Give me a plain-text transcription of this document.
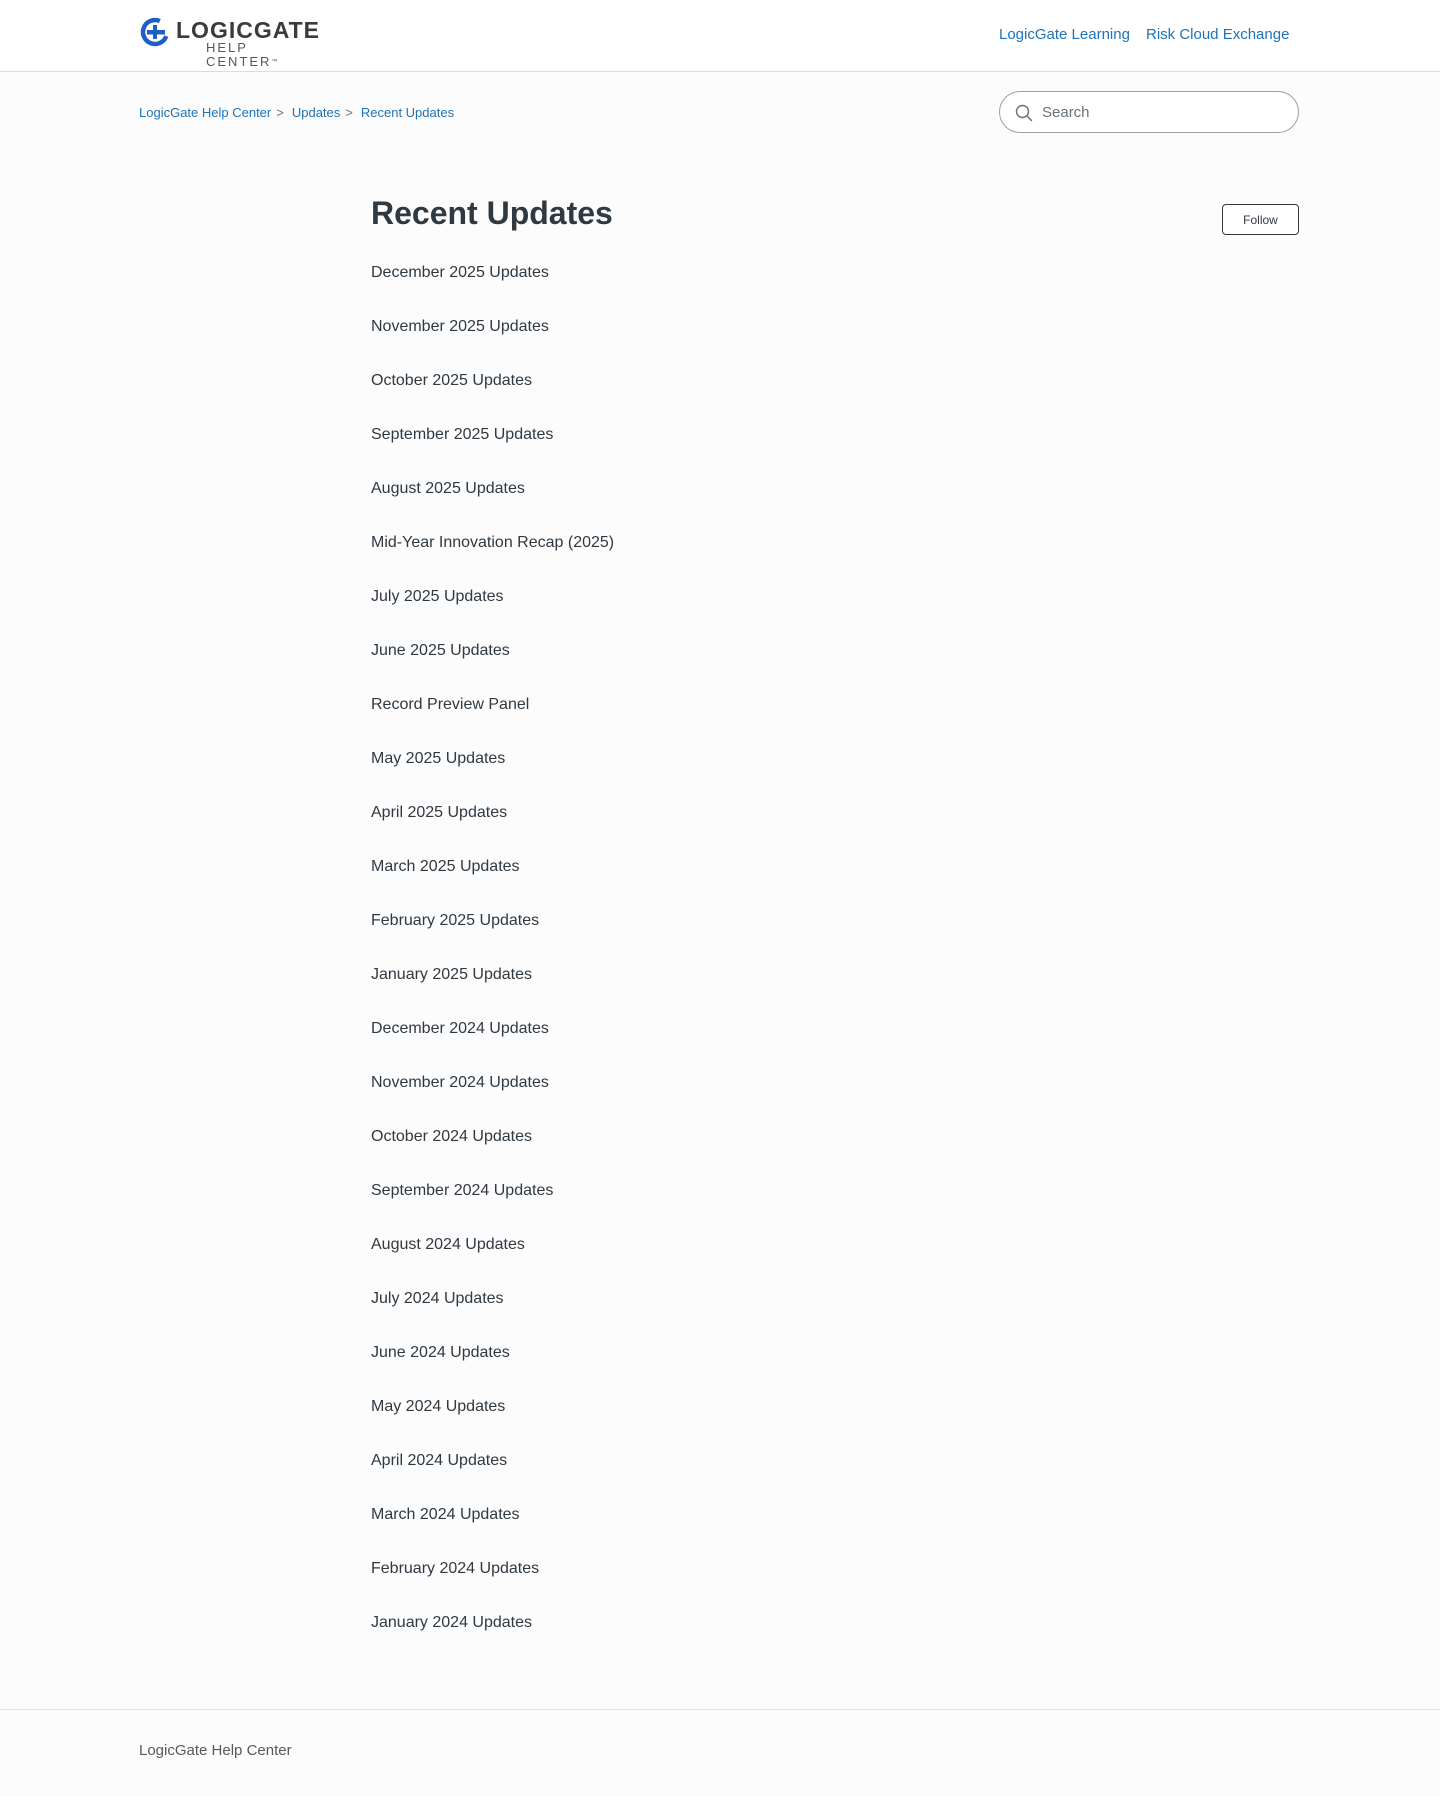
LOGICGATE
HELP CENTER™
LogicGate Learning Risk Cloud Exchange
LogicGate Help Center > Updates > Recent Updates
Search
Recent Updates	Follow
December 2025 Updates
November 2025 Updates
October 2025 Updates
September 2025 Updates
August 2025 Updates
Mid-Year Innovation Recap (2025)
July 2025 Updates
June 2025 Updates
Record Preview Panel
May 2025 Updates
April 2025 Updates
March 2025 Updates
February 2025 Updates
January 2025 Updates
December 2024 Updates
November 2024 Updates
October 2024 Updates
September 2024 Updates
August 2024 Updates
July 2024 Updates
June 2024 Updates
May 2024 Updates
April 2024 Updates
March 2024 Updates
February 2024 Updates
January 2024 Updates
LogicGate Help Center
